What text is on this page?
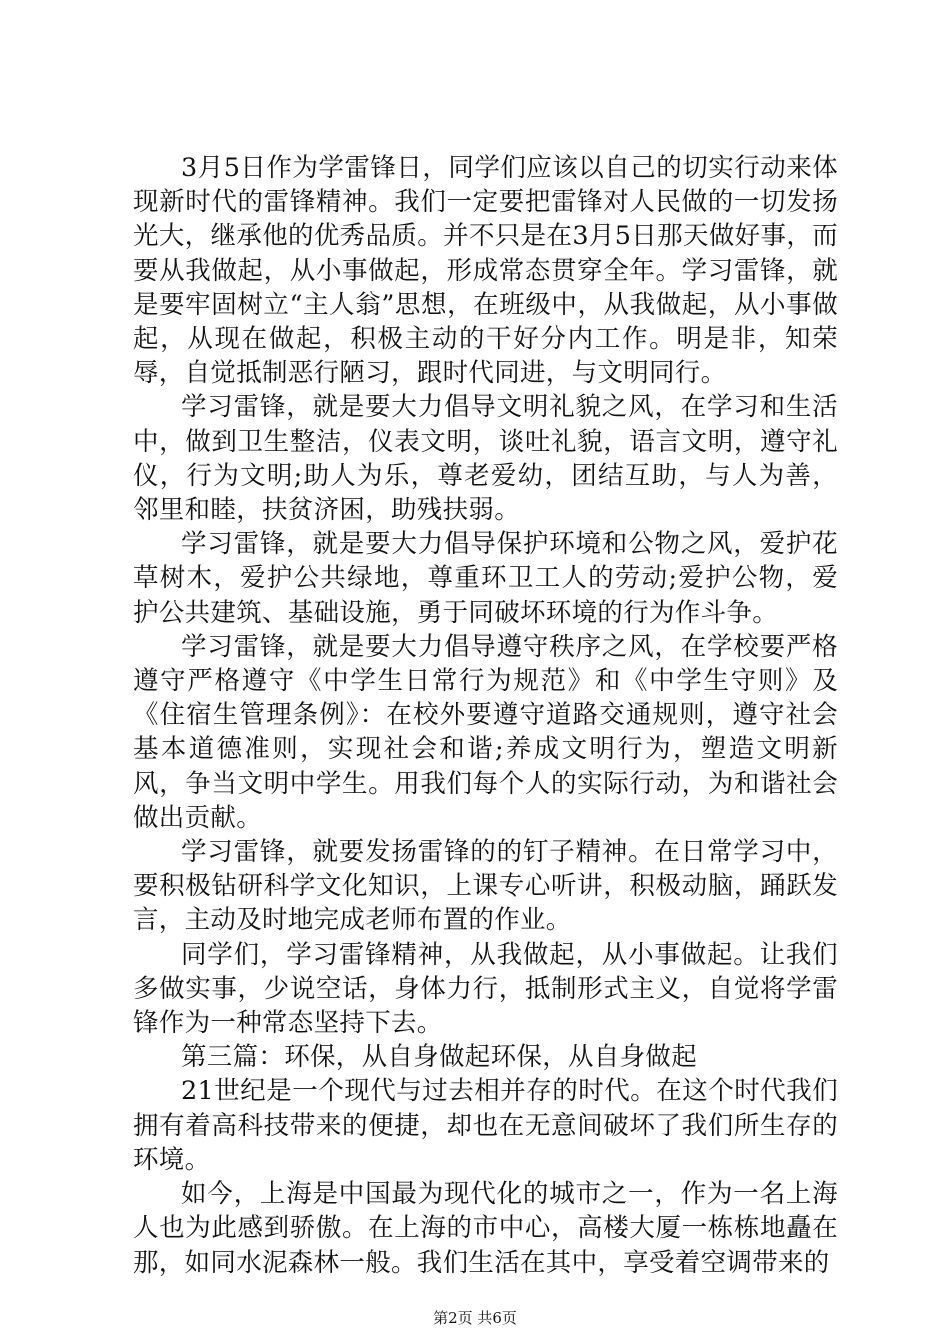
3月5日作为学雷锋日，同学们应该以自己的切实行动来体现新时代的雷锋精神。我们一定要把雷锋对人民做的一切发扬光大，继承他的优秀品质。并不只是在3月5日那天做好事，而要从我做起，从小事做起，形成常态贯穿全年。学习雷锋，就是要牢固树立“主人翁”思想，在班级中，从我做起，从小事做起，从现在做起，积极主动的干好分内工作。明是非，知荣辱，自觉抵制恶行陋习，跟时代同进，与文明同行。

学习雷锋，就是要大力倡导文明礼貌之风，在学习和生活中，做到卫生整洁，仪表文明，谈吐礼貌，语言文明，遵守礼仪，行为文明;助人为乐，尊老爱幼，团结互助，与人为善，邻里和睦，扶贫济困，助残扶弱。

学习雷锋，就是要大力倡导保护环境和公物之风，爱护花草树木，爱护公共绿地，尊重环卫工人的劳动;爱护公物，爱护公共建筑、基础设施，勇于同破坏环境的行为作斗争。

学习雷锋，就是要大力倡导遵守秩序之风，在学校要严格遵守严格遵守《中学生日常行为规范》和《中学生守则》及《住宿生管理条例》：在校外要遵守道路交通规则，遵守社会基本道德准则，实现社会和谐;养成文明行为，塑造文明新风，争当文明中学生。用我们每个人的实际行动，为和谐社会做出贡献。

学习雷锋，就要发扬雷锋的的钉子精神。在日常学习中，要积极钻研科学文化知识，上课专心听讲，积极动脑，踊跃发言，主动及时地完成老师布置的作业。

同学们，学习雷锋精神，从我做起，从小事做起。让我们多做实事，少说空话，身体力行，抵制形式主义，自觉将学雷锋作为一种常态坚持下去。

第三篇：环保，从自身做起环保，从自身做起

21世纪是一个现代与过去相并存的时代。在这个时代我们拥有着高科技带来的便捷，却也在无意间破坏了我们所生存的环境。

如今，上海是中国最为现代化的城市之一，作为一名上海人也为此感到骄傲。在上海的市中心，高楼大厦一栋栋地矗在那，如同水泥森林一般。我们生活在其中，享受着空调带来的

第2页 共6页
